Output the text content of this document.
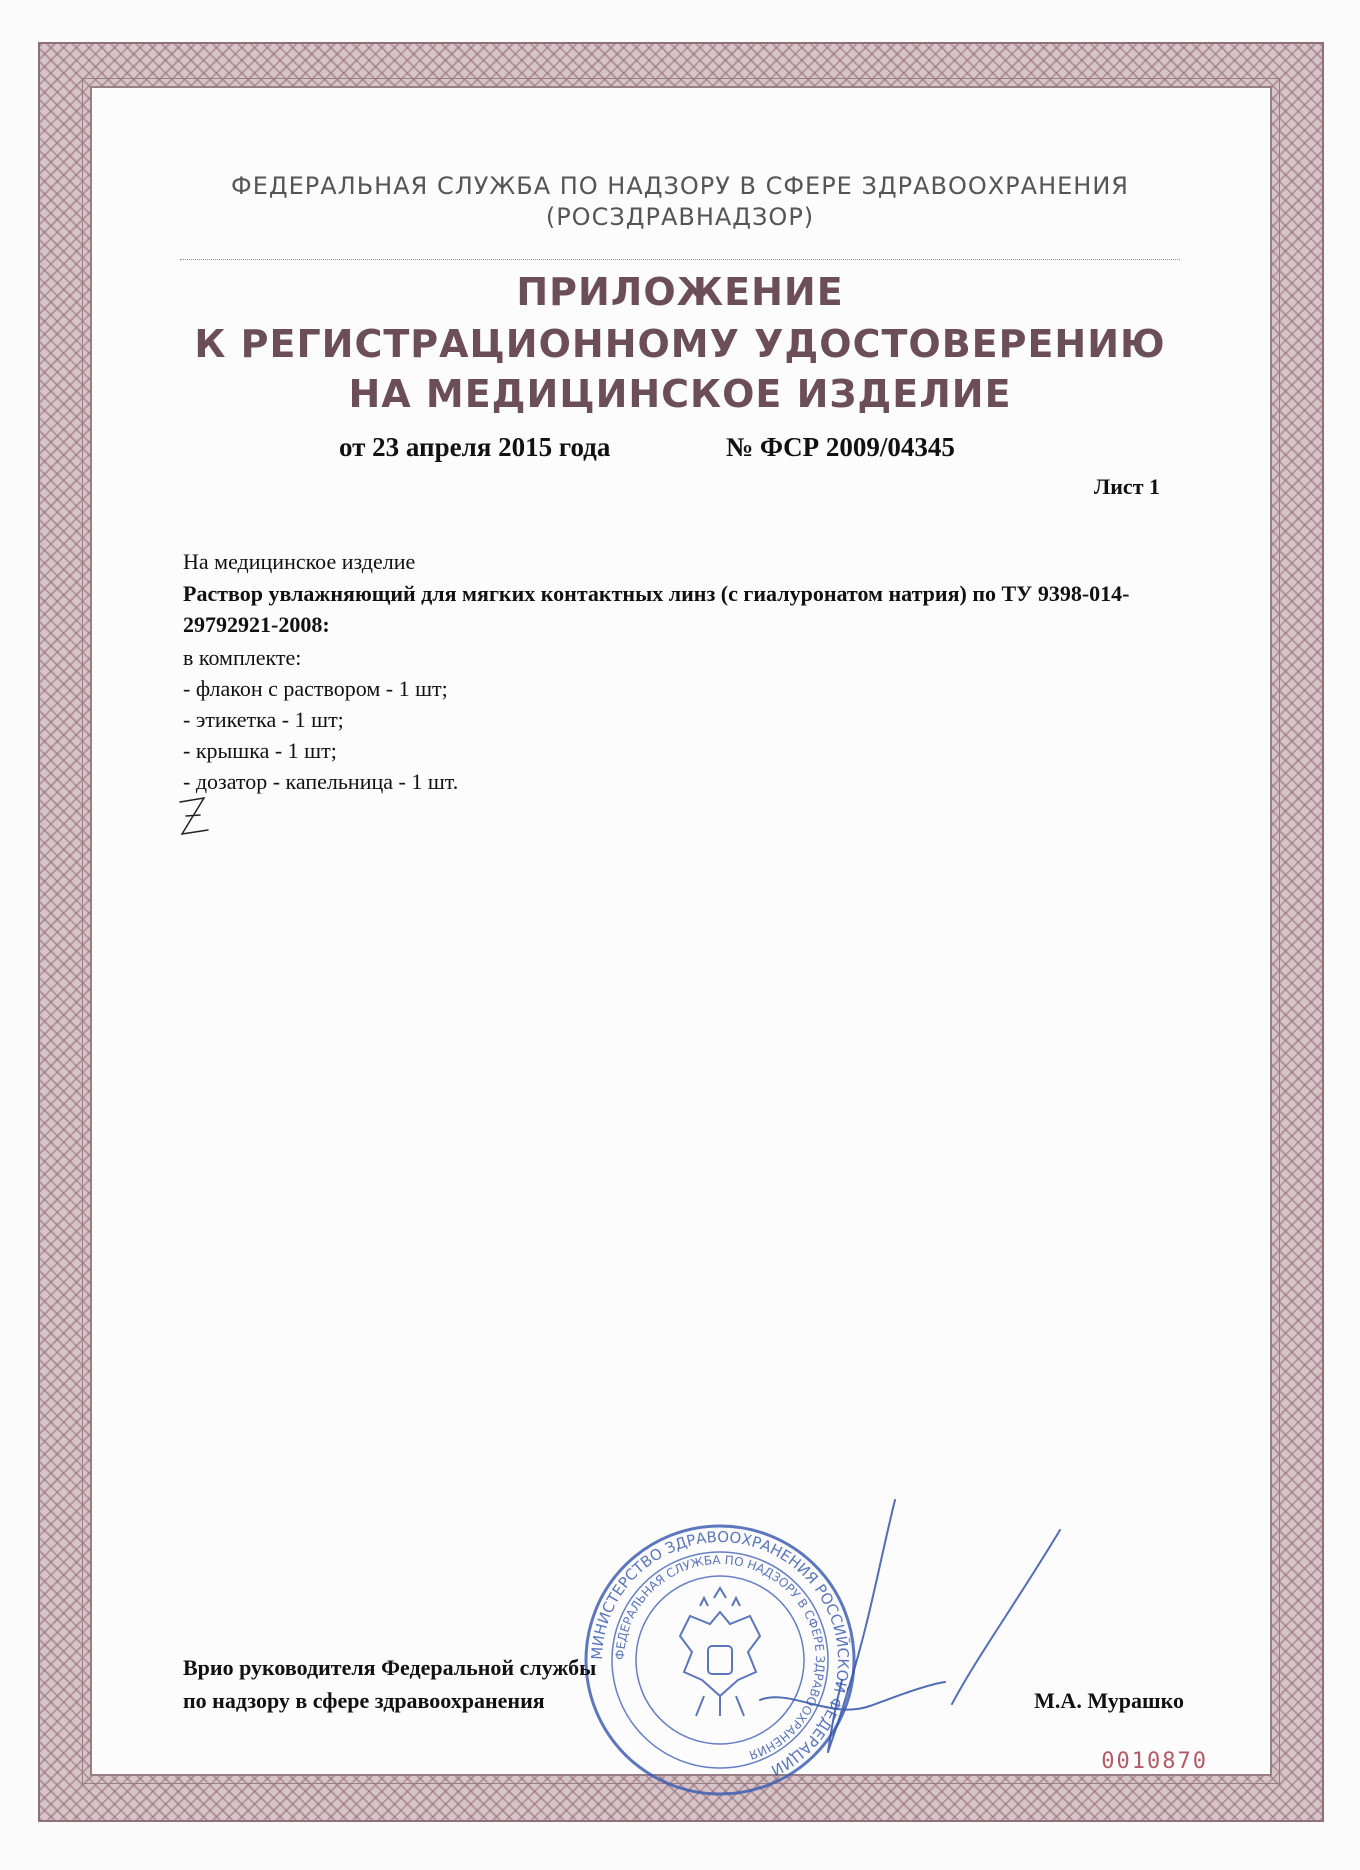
ФЕДЕРАЛЬНАЯ СЛУЖБА ПО НАДЗОРУ В СФЕРЕ ЗДРАВООХРАНЕНИЯ
(РОСЗДРАВНАДЗОР)
ПРИЛОЖЕНИЕ
К РЕГИСТРАЦИОННОМУ УДОСТОВЕРЕНИЮ
НА МЕДИЦИНСКОЕ ИЗДЕЛИЕ
от 23 апреля 2015 года	№ ФСР 2009/04345
Лист 1
На медицинское изделие
Раствор увлажняющий для мягких контактных линз (с гиалуронатом натрия) по ТУ 9398-014-29792921-2008:
в комплекте:
- флакон с раствором - 1 шт;
- этикетка - 1 шт;
- крышка - 1 шт;
- дозатор - капельница - 1 шт.
МИНИСТЕРСТВО ЗДРАВООХРАНЕНИЯ РОССИЙСКОЙ ФЕДЕРАЦИИ
ФЕДЕРАЛЬНАЯ СЛУЖБА ПО НАДЗОРУ В СФЕРЕ ЗДРАВООХРАНЕНИЯ
Врио руководителя Федеральной службы
по надзору в сфере здравоохранения	М.А. Мурашко
0010870
